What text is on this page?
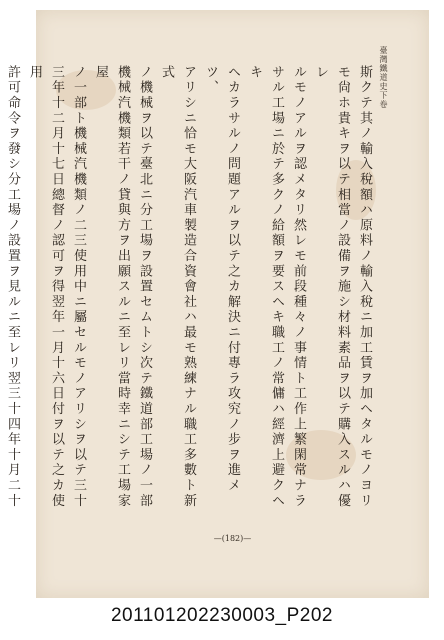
臺灣鐵道史下卷

斯クテ其ノ輸入稅額ハ原料ノ輸入稅ニ加工賃ヲ加ヘタルモノヨリ

モ尙ホ貴キヲ以テ相當ノ設備ヲ施シ材料素品ヲ以テ購入スルハ優レ

ルモノアルヲ認メタリ然レモ前段種々ノ事情ト工作上繁閑常ナラ

サル工場ニ於テ多クノ給額ヲ要スヘキ職工ノ常傭ハ經濟上避クヘキ

ヘカラサルノ問題アルヲ以テ之カ解決ニ付專ラ攻究ノ步ヲ進メツ、

アリシニ恰モ大阪汽車製造合資會社ハ最モ熟練ナル職工多數ト新式

ノ機械ヲ以テ臺北ニ分工場ヲ設置セムトシ次テ鐵道部工場ノ一部

機械汽機類若干ノ貸與方ヲ出願スルニ至レリ當時幸ニシテ工場家屋

ノ一部ト機械汽機類ノ二三使用中ニ屬セルモノアリシヲ以テ三十

三年十二月十七日總督ノ認可ヲ得翌年一月十六日付ヲ以テ之カ使用

許可命令ヲ發シ分工場ノ設置ヲ見ルニ至レリ翌三十四年十月二十

—(182)—
201101202230003_P202
